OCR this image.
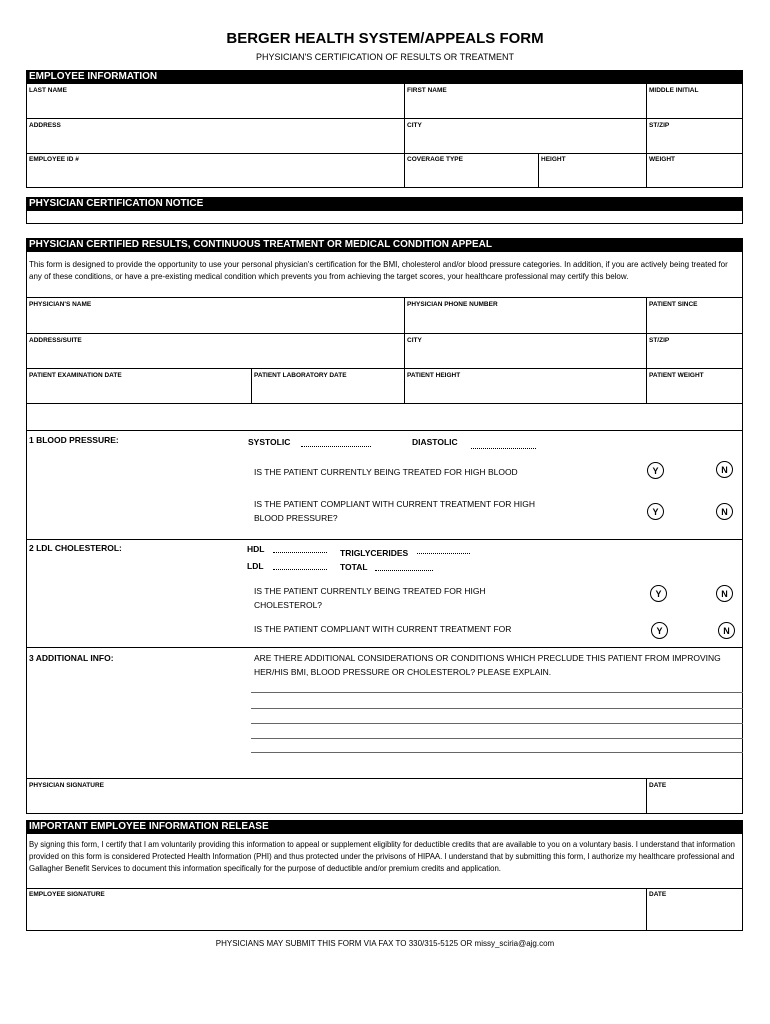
BERGER HEALTH SYSTEM/APPEALS FORM
PHYSICIAN'S CERTIFICATION OF RESULTS OR TREATMENT
EMPLOYEE INFORMATION
LAST NAME	FIRST NAME	MIDDLE INITIAL
ADDRESS	CITY	ST/ZIP
EMPLOYEE ID #	COVERAGE TYPE	HEIGHT	WEIGHT
PHYSICIAN CERTIFICATION NOTICE
PHYSICIAN CERTIFIED RESULTS, CONTINUOUS TREATMENT OR MEDICAL CONDITION APPEAL
This form is designed to provide the opportunity to use your personal physician's certification for the BMI, cholesterol and/or blood pressure categories. In addition, if you are actively being treated for any of these conditions, or have a pre-existing medical condition which prevents you from achieving the target scores, your healthcare professional may certify this below.
PHYSICIAN'S NAME	PHYSICIAN PHONE NUMBER	PATIENT SINCE
ADDRESS/SUITE	CITY	ST/ZIP
PATIENT EXAMINATION DATE	PATIENT LABORATORY DATE	PATIENT HEIGHT	PATIENT WEIGHT
1 BLOOD PRESSURE:	SYSTOLIC	DIASTOLIC
IS THE PATIENT CURRENTLY BEING TREATED FOR HIGH BLOOD	Y	N
IS THE PATIENT COMPLIANT WITH CURRENT TREATMENT FOR HIGH BLOOD PRESSURE?
Y	N
2 LDL CHOLESTEROL:	HDL	TRIGLYCERIDES
LDL	TOTAL
IS THE PATIENT CURRENTLY BEING TREATED FOR HIGH CHOLESTEROL?
Y	N
IS THE PATIENT COMPLIANT WITH CURRENT TREATMENT FOR	Y	N
3 ADDITIONAL INFO:	ARE THERE ADDITIONAL CONSIDERATIONS OR CONDITIONS WHICH PRECLUDE THIS PATIENT FROM IMPROVING HER/HIS BMI, BLOOD PRESSURE OR CHOLESTEROL? PLEASE EXPLAIN.
PHYSICIAN SIGNATURE	DATE
IMPORTANT EMPLOYEE INFORMATION RELEASE
By signing this form, I certify that I am voluntarily providing this information to appeal or supplement eligiblity for deductible credits that are available to you on a voluntary basis. I understand that information provided on this form is considered Protected Health Information (PHI) and thus protected under the privisons of HIPAA. I understand that by submitting this form, I authorize my healthcare professional and Gallagher Benefit Services to document this information specifically for the purpose of deductible and/or premium credits and application.
EMPLOYEE SIGNATURE	DATE
PHYSICIANS MAY SUBMIT THIS FORM VIA FAX TO 330/315-5125 OR missy_sciria@ajg.com
